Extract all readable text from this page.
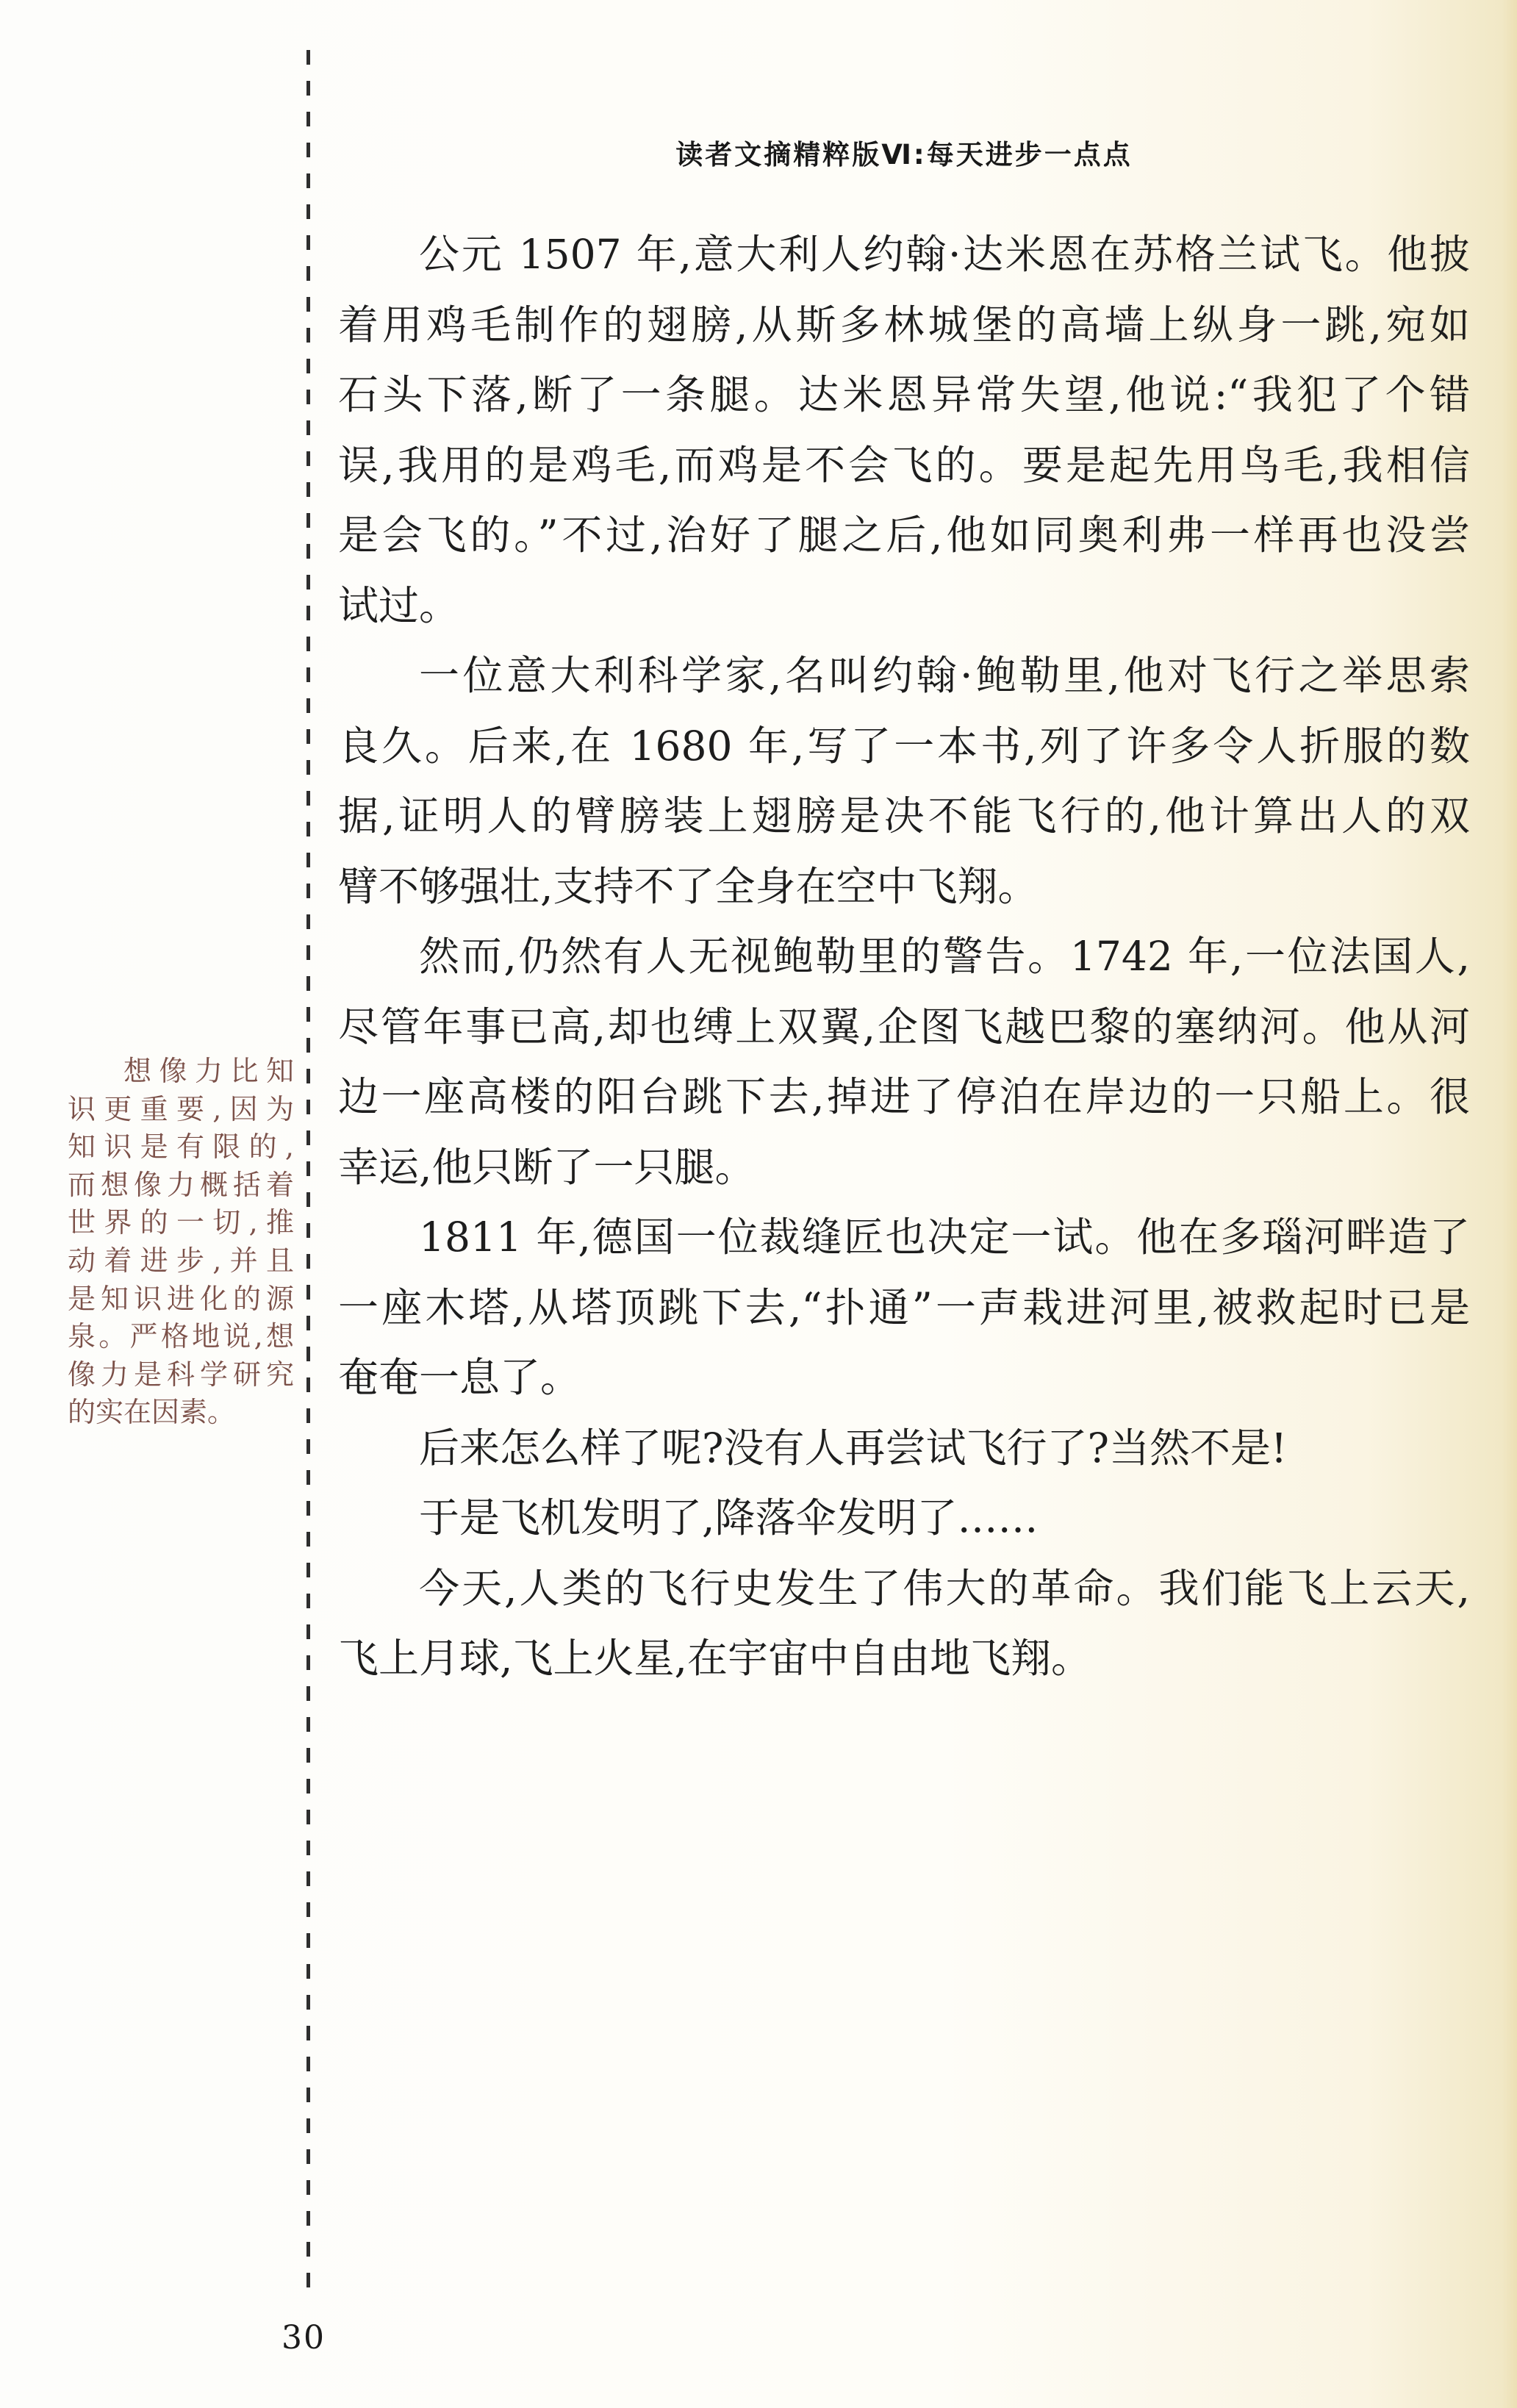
读者文摘精粹版Ⅵ:每天进步一点点
想像力比知
识更重要,因为
知识是有限的,
而想像力概括着
世界的一切,推
动着进步,并且
是知识进化的源
泉。严格地说,想
像力是科学研究
的实在因素。
公元 1507 年,意大利人约翰·达米恩在苏格兰试飞。他披
着用鸡毛制作的翅膀,从斯多林城堡的高墙上纵身一跳,宛如
石头下落,断了一条腿。达米恩异常失望,他说:“我犯了个错
误,我用的是鸡毛,而鸡是不会飞的。要是起先用鸟毛,我相信
是会飞的。”不过,治好了腿之后,他如同奥利弗一样再也没尝
试过。
一位意大利科学家,名叫约翰·鲍勒里,他对飞行之举思索
良久。后来,在 1680 年,写了一本书,列了许多令人折服的数
据,证明人的臂膀装上翅膀是决不能飞行的,他计算出人的双
臂不够强壮,支持不了全身在空中飞翔。
然而,仍然有人无视鲍勒里的警告。1742 年,一位法国人,
尽管年事已高,却也缚上双翼,企图飞越巴黎的塞纳河。他从河
边一座高楼的阳台跳下去,掉进了停泊在岸边的一只船上。很
幸运,他只断了一只腿。
1811 年,德国一位裁缝匠也决定一试。他在多瑙河畔造了
一座木塔,从塔顶跳下去,“扑通”一声栽进河里,被救起时已是
奄奄一息了。
后来怎么样了呢?没有人再尝试飞行了?当然不是!
于是飞机发明了,降落伞发明了……
今天,人类的飞行史发生了伟大的革命。我们能飞上云天,
飞上月球,飞上火星,在宇宙中自由地飞翔。
30
